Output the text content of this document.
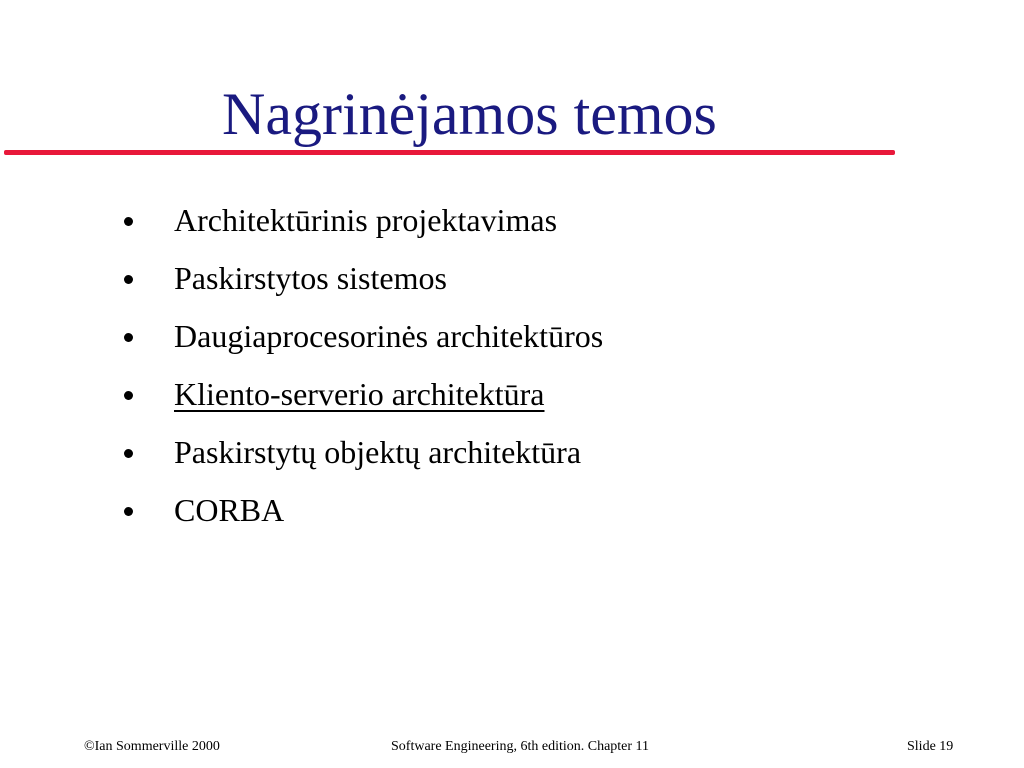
Nagrinėjamos temos
Architektūrinis projektavimas
Paskirstytos sistemos
Daugiaprocesorinės architektūros
Kliento-serverio architektūra
Paskirstytų objektų architektūra
CORBA
©Ian Sommerville 2000	Software Engineering, 6th edition. Chapter 11	Slide 19
